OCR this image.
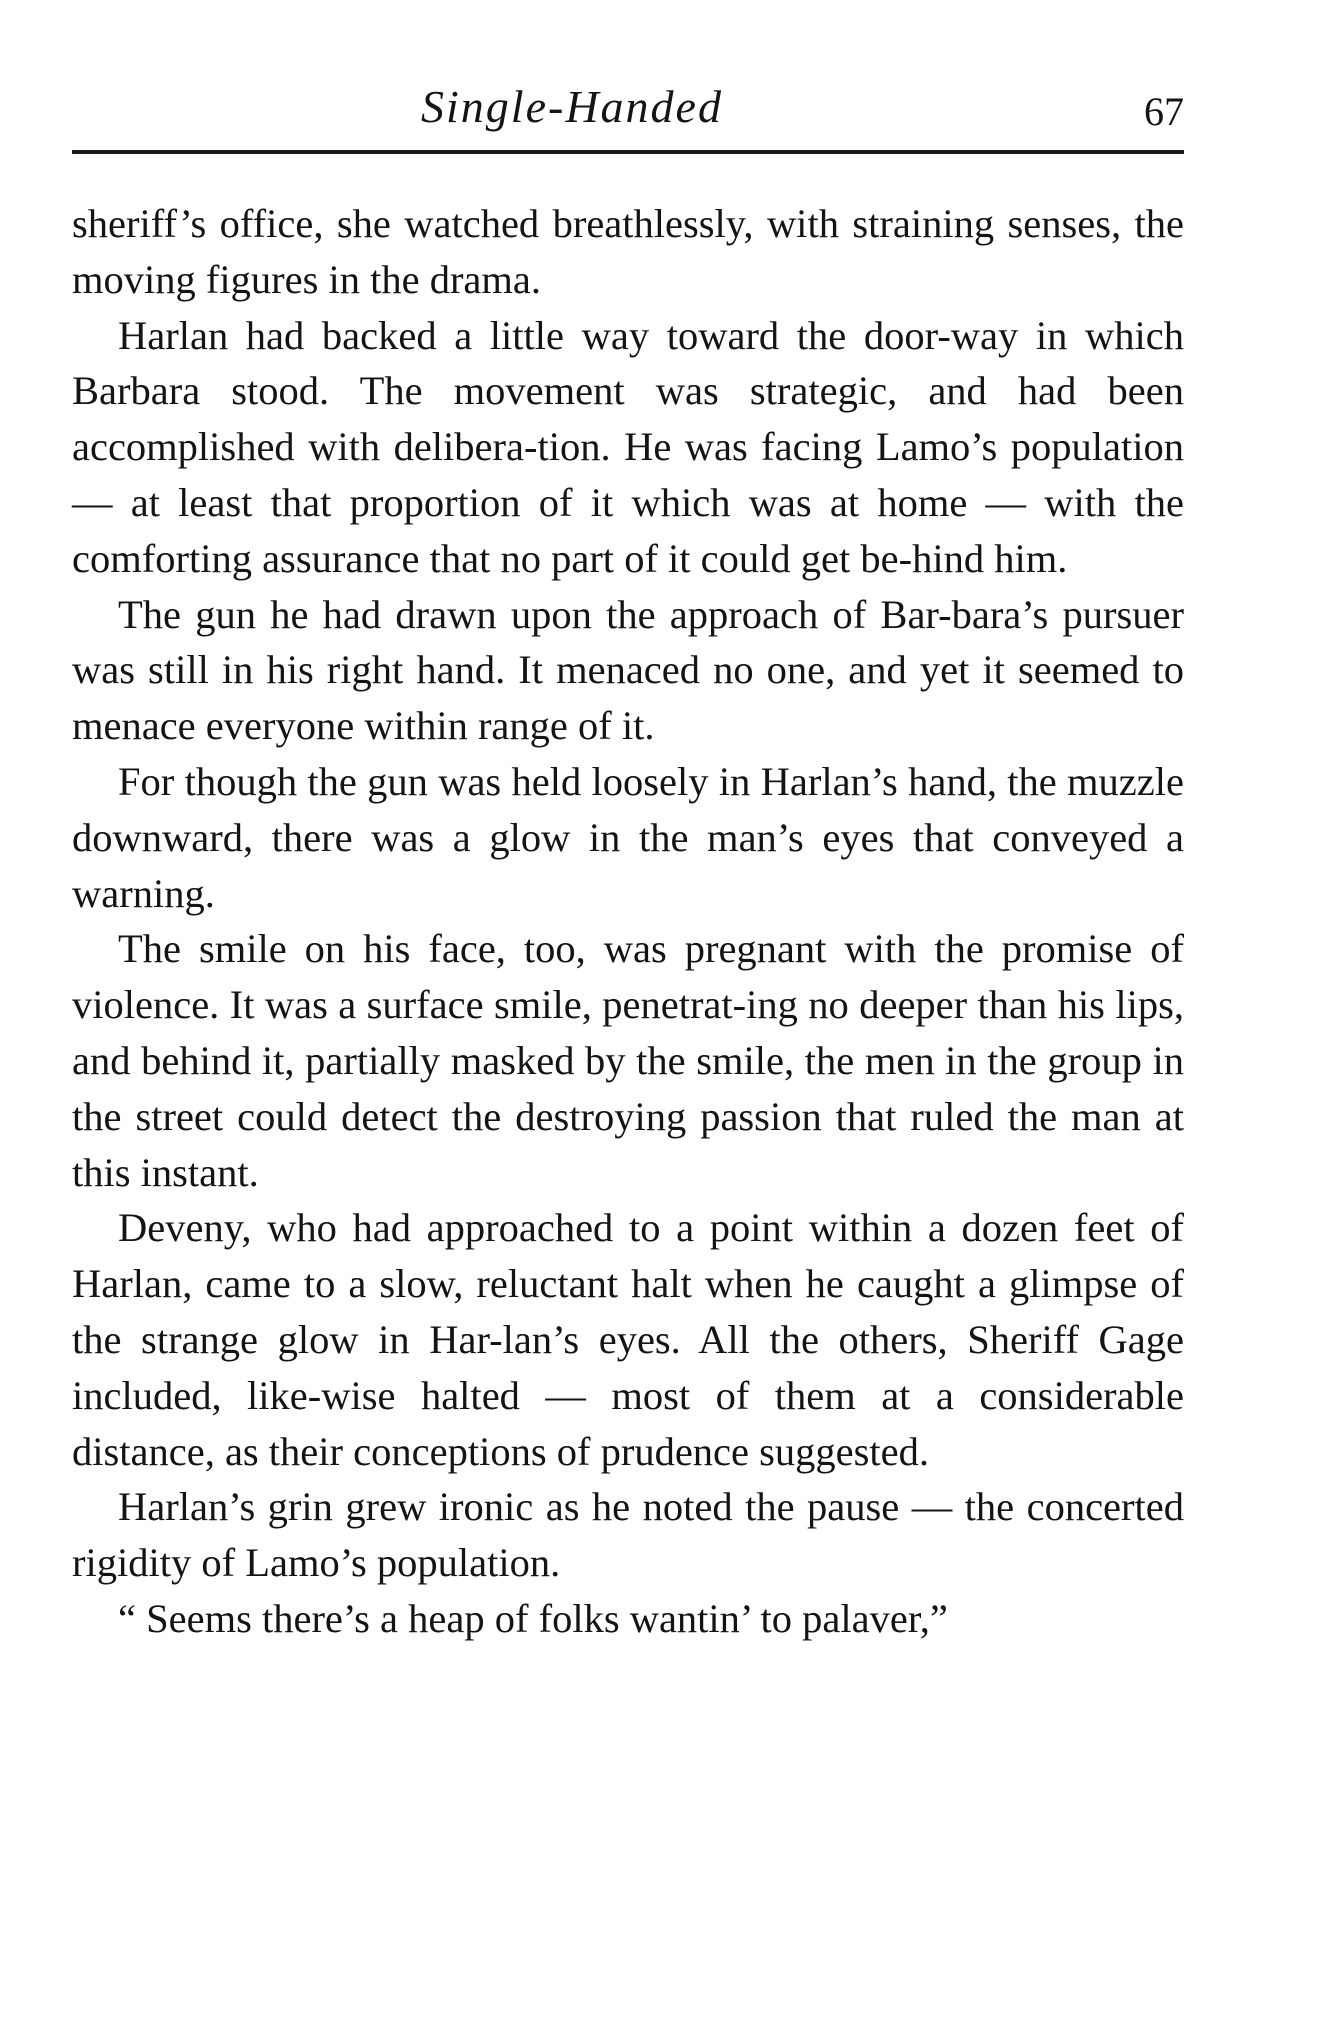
Single-Handed	67

sheriff’s office, she watched breathlessly, with straining senses, the moving figures in the drama.

Harlan had backed a little way toward the door-way in which Barbara stood. The movement was strategic, and had been accomplished with delibera-tion. He was facing Lamo’s population — at least that proportion of it which was at home — with the comforting assurance that no part of it could get be-hind him.

The gun he had drawn upon the approach of Bar-bara’s pursuer was still in his right hand. It menaced no one, and yet it seemed to menace everyone within range of it.

For though the gun was held loosely in Harlan’s hand, the muzzle downward, there was a glow in the man’s eyes that conveyed a warning.

The smile on his face, too, was pregnant with the promise of violence. It was a surface smile, penetrat-ing no deeper than his lips, and behind it, partially masked by the smile, the men in the group in the street could detect the destroying passion that ruled the man at this instant.

Deveny, who had approached to a point within a dozen feet of Harlan, came to a slow, reluctant halt when he caught a glimpse of the strange glow in Har-lan’s eyes. All the others, Sheriff Gage included, like-wise halted — most of them at a considerable distance, as their conceptions of prudence suggested.

Harlan’s grin grew ironic as he noted the pause — the concerted rigidity of Lamo’s population.

“ Seems there’s a heap of folks wantin’ to palaver,”
